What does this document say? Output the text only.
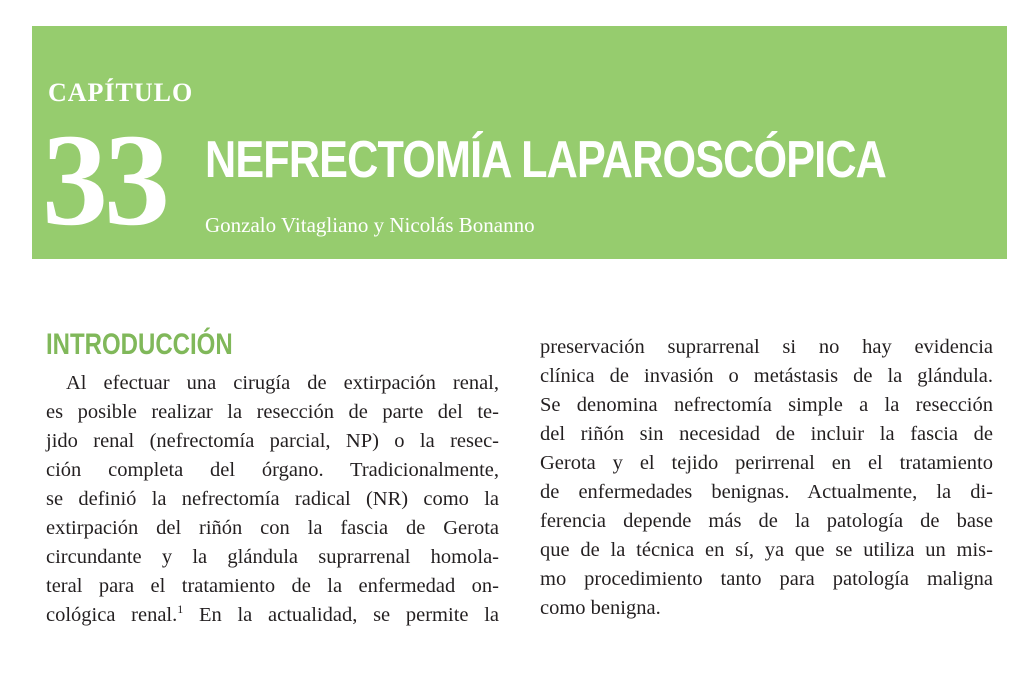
CAPÍTULO
33 NEFRECTOMÍA LAPAROSCÓPICA
Gonzalo Vitagliano y Nicolás Bonanno
INTRODUCCIÓN
Al efectuar una cirugía de extirpación renal,
es posible realizar la resección de parte del te-
jido renal (nefrectomía parcial, NP) o la resec-
ción completa del órgano. Tradicionalmente,
se definió la nefrectomía radical (NR) como la
extirpación del riñón con la fascia de Gerota
circundante y la glándula suprarrenal homola-
teral para el tratamiento de la enfermedad on-
cológica renal.$^1$ En la actualidad, se permite la
preservación suprarrenal si no hay evidencia
clínica de invasión o metástasis de la glándula.
Se denomina nefrectomía simple a la resección
del riñón sin necesidad de incluir la fascia de
Gerota y el tejido perirrenal en el tratamiento
de enfermedades benignas. Actualmente, la di-
ferencia depende más de la patología de base
que de la técnica en sí, ya que se utiliza un mis-
mo procedimiento tanto para patología maligna
como benigna.
